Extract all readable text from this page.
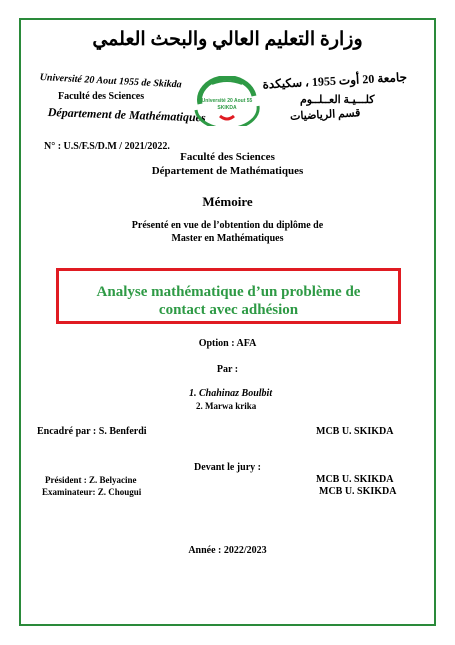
وزارة التعليم العالي والبحث العلمي
Université 20 Aout 1955 de Skikda
Faculté des Sciences
Département de Mathématiques
جامعة 20 أوت 1955 ، سكيكدة
كلـــيـة العــلــوم
قسم الرياضيات
Université 20 Aout 55
SKIKDA
N° : U.S/F.S/D.M / 2021/2022.
Faculté des Sciences
Département de Mathématiques
Mémoire
Présenté en vue de l’obtention du diplôme de
Master en Mathématiques
Analyse mathématique d’un problème de
contact avec adhésion
Option : AFA
Par :
1. Chahinaz Boulbit
2. Marwa krika
Encadré par : S. Benferdi	MCB U. SKIKDA
Devant le jury :
Président : Z. Belyacine	MCB U. SKIKDA
Examinateur: Z. Chougui	MCB U. SKIKDA
Année : 2022/2023
